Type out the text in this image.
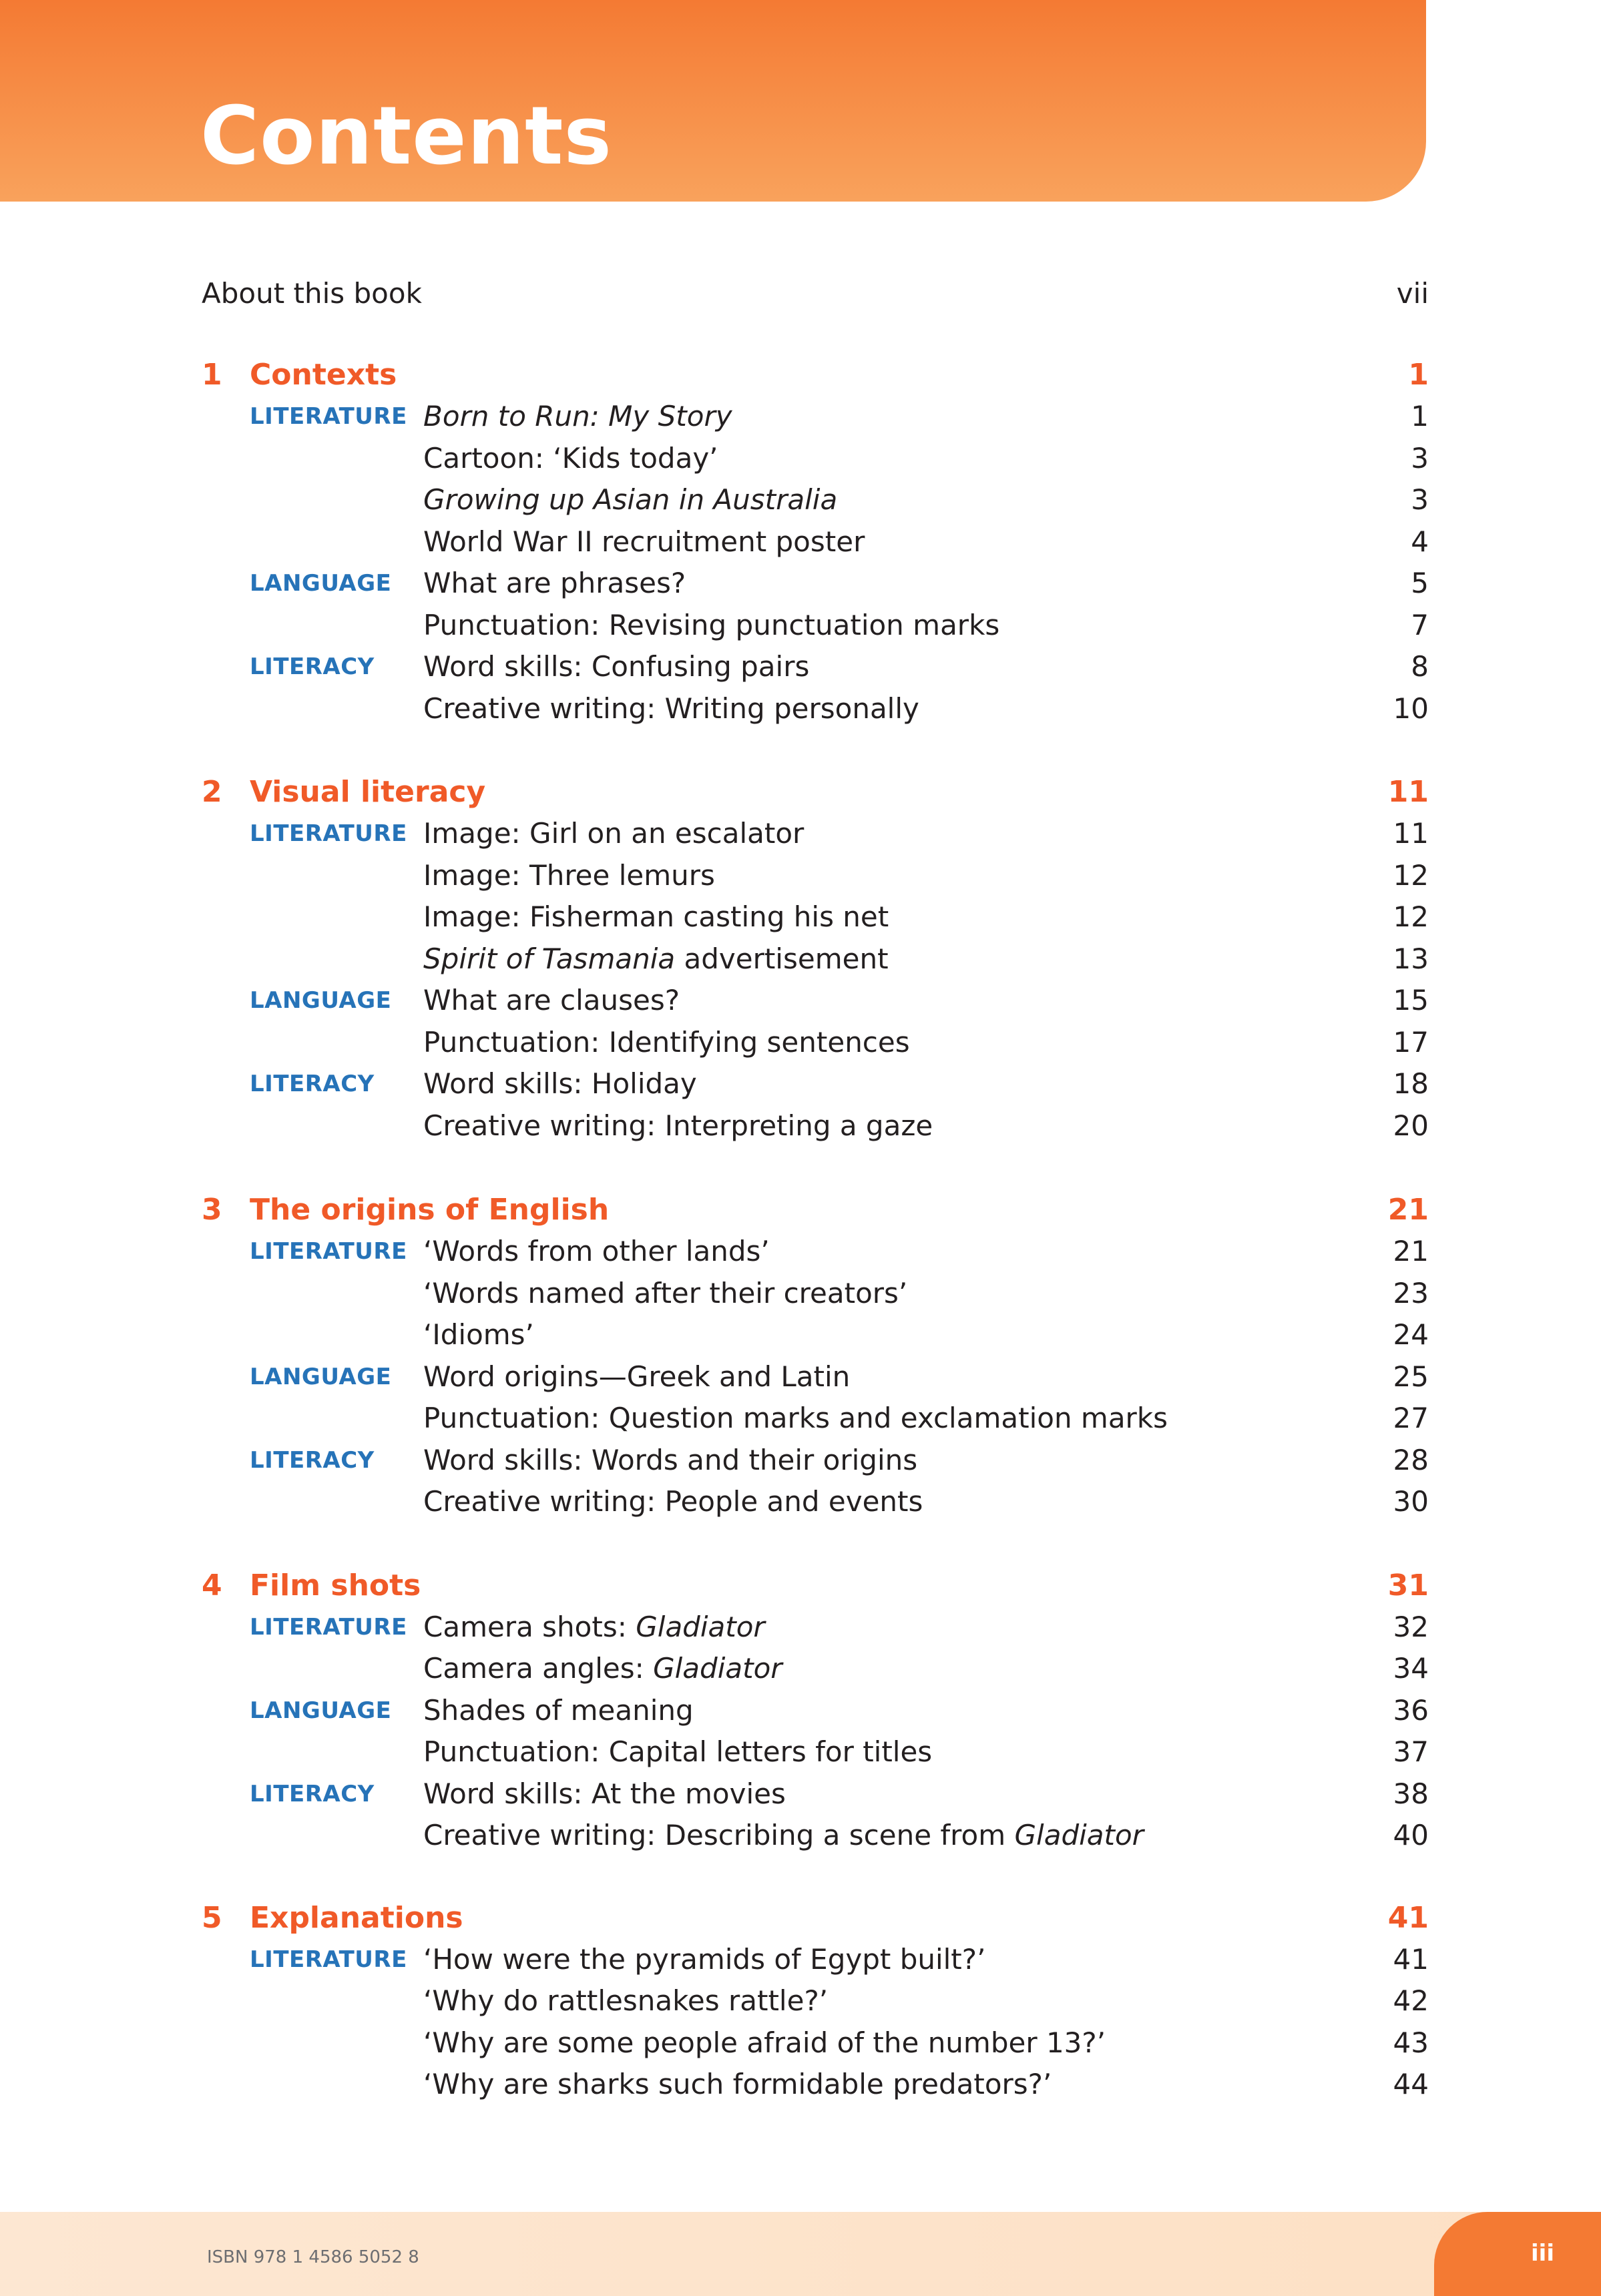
Contents
About this book	vii
1 Contexts	1
LITERATURE Born to Run: My Story	1
Cartoon: ‘Kids today’	3
Growing up Asian in Australia	3
World War II recruitment poster	4
LANGUAGE What are phrases?	5
Punctuation: Revising punctuation marks	7
LITERACY Word skills: Confusing pairs	8
Creative writing: Writing personally	10
2 Visual literacy	11
LITERATURE Image: Girl on an escalator	11
Image: Three lemurs	12
Image: Fisherman casting his net	12
Spirit of Tasmania advertisement	13
LANGUAGE What are clauses?	15
Punctuation: Identifying sentences	17
LITERACY Word skills: Holiday	18
Creative writing: Interpreting a gaze	20
3 The origins of English	21
LITERATURE ‘Words from other lands’	21
‘Words named after their creators’	23
‘Idioms’	24
LANGUAGE Word origins—Greek and Latin	25
Punctuation: Question marks and exclamation marks	27
LITERACY Word skills: Words and their origins	28
Creative writing: People and events	30
4 Film shots	31
LITERATURE Camera shots: Gladiator	32
Camera angles: Gladiator	34
LANGUAGE Shades of meaning	36
Punctuation: Capital letters for titles	37
LITERACY Word skills: At the movies	38
Creative writing: Describing a scene from Gladiator	40
5 Explanations	41
LITERATURE ‘How were the pyramids of Egypt built?’	41
‘Why do rattlesnakes rattle?’	42
‘Why are some people afraid of the number 13?’	43
‘Why are sharks such formidable predators?’	44
ISBN 978 1 4586 5052 8	iii
